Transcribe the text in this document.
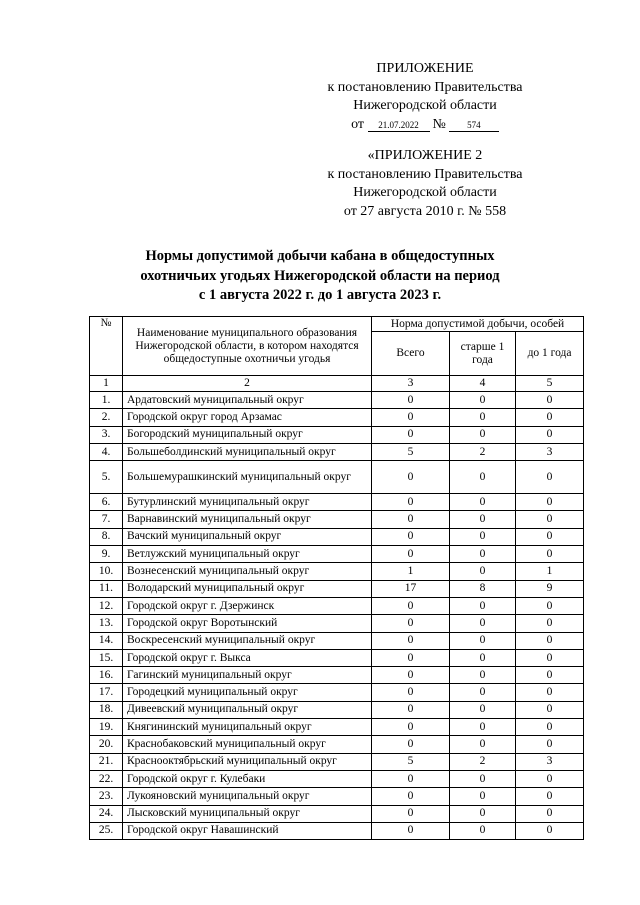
ПРИЛОЖЕНИЕ
к постановлению Правительства
Нижегородской области
от 21.07.2022 № 574
«ПРИЛОЖЕНИЕ 2
к постановлению Правительства
Нижегородской области
от 27 августа 2010 г. № 558
Нормы допустимой добычи кабана в общедоступных
охотничьих угодьях Нижегородской области на период
с 1 августа 2022 г. до 1 августа 2023 г.
№	Наименование муниципального образования Нижегородской области, в котором находятся общедоступные охотничьи угодья	Норма допустимой добычи, особей		
		Всего	старше 1 года	до 1 года
1	2	3	4	5
1.	Ардатовский муниципальный округ	0	0	0
2.	Городской округ город Арзамас	0	0	0
3.	Богородский муниципальный округ	0	0	0
4.	Большеболдинский муниципальный округ	5	2	3
5.	Большемурашкинский муниципальный округ	0	0	0
6.	Бутурлинский муниципальный округ	0	0	0
7.	Варнавинский муниципальный округ	0	0	0
8.	Вачский муниципальный округ	0	0	0
9.	Ветлужский муниципальный округ	0	0	0
10.	Вознесенский муниципальный округ	1	0	1
11.	Володарский муниципальный округ	17	8	9
12.	Городской округ г. Дзержинск	0	0	0
13.	Городской округ Воротынский	0	0	0
14.	Воскресенский муниципальный округ	0	0	0
15.	Городской округ г. Выкса	0	0	0
16.	Гагинский муниципальный округ	0	0	0
17.	Городецкий муниципальный округ	0	0	0
18.	Дивеевский муниципальный округ	0	0	0
19.	Княгининский муниципальный округ	0	0	0
20.	Краснобаковский муниципальный округ	0	0	0
21.	Краснооктябрьский муниципальный округ	5	2	3
22.	Городской округ г. Кулебаки	0	0	0
23.	Лукояновский муниципальный округ	0	0	0
24.	Лысковский муниципальный округ	0	0	0
25.	Городской округ Навашинский	0	0	0
